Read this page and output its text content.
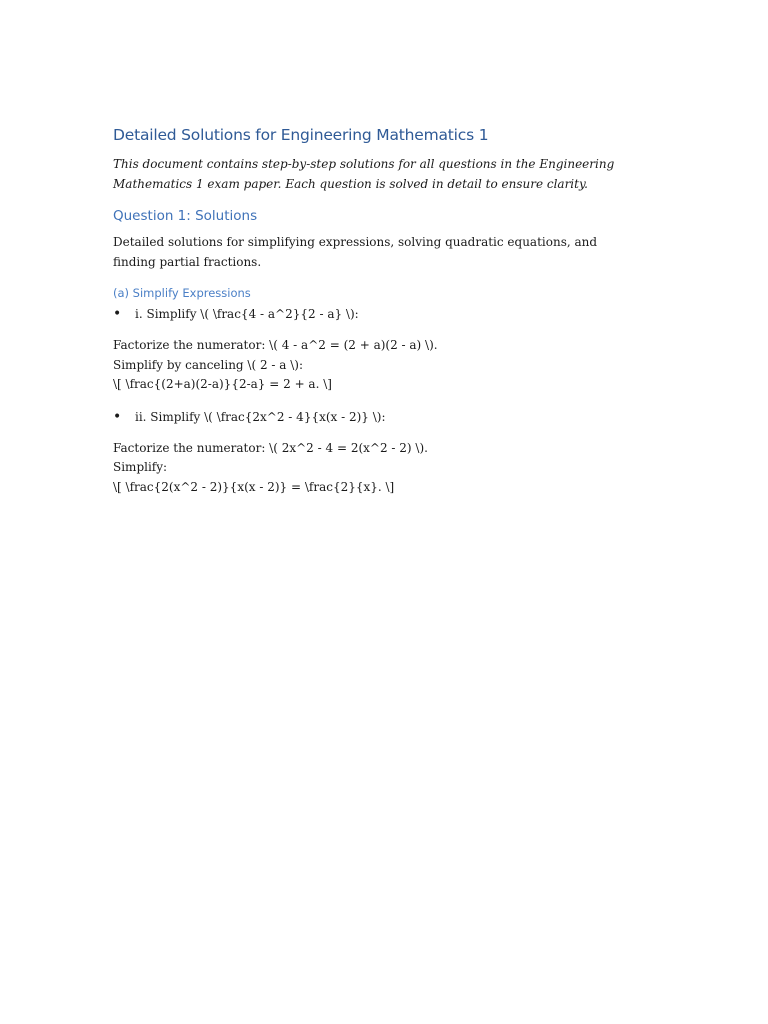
Detailed Solutions for Engineering Mathematics 1
This document contains step-by-step solutions for all questions in the Engineering Mathematics 1 exam paper. Each question is solved in detail to ensure clarity.
Question 1: Solutions
Detailed solutions for simplifying expressions, solving quadratic equations, and finding partial fractions.
(a) Simplify Expressions
•	i. Simplify \( \frac{4 - a^2}{2 - a} \):
Factorize the numerator: \( 4 - a^2 = (2 + a)(2 - a) \).
Simplify by canceling \( 2 - a \):
\[ \frac{(2+a)(2-a)}{2-a} = 2 + a. \]
•	ii. Simplify \( \frac{2x^2 - 4}{x(x - 2)} \):
Factorize the numerator: \( 2x^2 - 4 = 2(x^2 - 2) \).
Simplify:
\[ \frac{2(x^2 - 2)}{x(x - 2)} = \frac{2}{x}. \]
